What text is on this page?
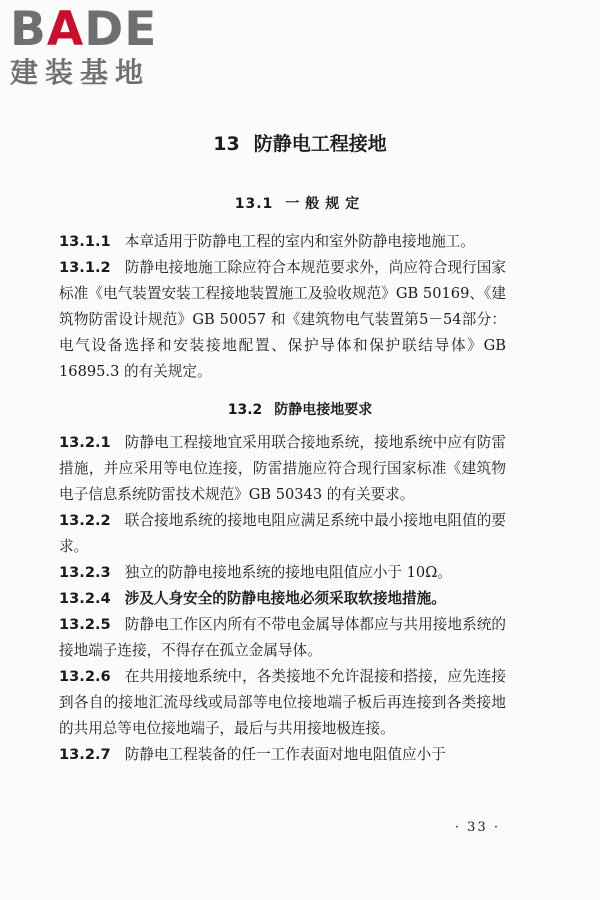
BADE
建装基地
13 防静电工程接地
13.1 一般规定

13.1.1 本章适用于防静电工程的室内和室外防静电接地施工。

13.1.2 防静电接地施工除应符合本规范要求外，尚应符合现行国家标准《电气装置安装工程接地装置施工及验收规范》GB 50169、《建筑物防雷设计规范》GB 50057 和《建筑物电气装置第5－54部分：电气设备选择和安装接地配置、保护导体和保护联结导体》GB 16895.3 的有关规定。

13.2 防静电接地要求

13.2.1 防静电工程接地宜采用联合接地系统，接地系统中应有防雷措施，并应采用等电位连接，防雷措施应符合现行国家标准《建筑物电子信息系统防雷技术规范》GB 50343 的有关要求。

13.2.2 联合接地系统的接地电阻应满足系统中最小接地电阻值的要求。

13.2.3 独立的防静电接地系统的接地电阻值应小于 10Ω。

13.2.4 涉及人身安全的防静电接地必须采取软接地措施。

13.2.5 防静电工作区内所有不带电金属导体都应与共用接地系统的接地端子连接，不得存在孤立金属导体。

13.2.6 在共用接地系统中，各类接地不允许混接和搭接，应先连接到各自的接地汇流母线或局部等电位接地端子板后再连接到各类接地的共用总等电位接地端子，最后与共用接地极连接。

13.2.7 防静电工程装备的任一工作表面对地电阻值应小于

· 33 ·
